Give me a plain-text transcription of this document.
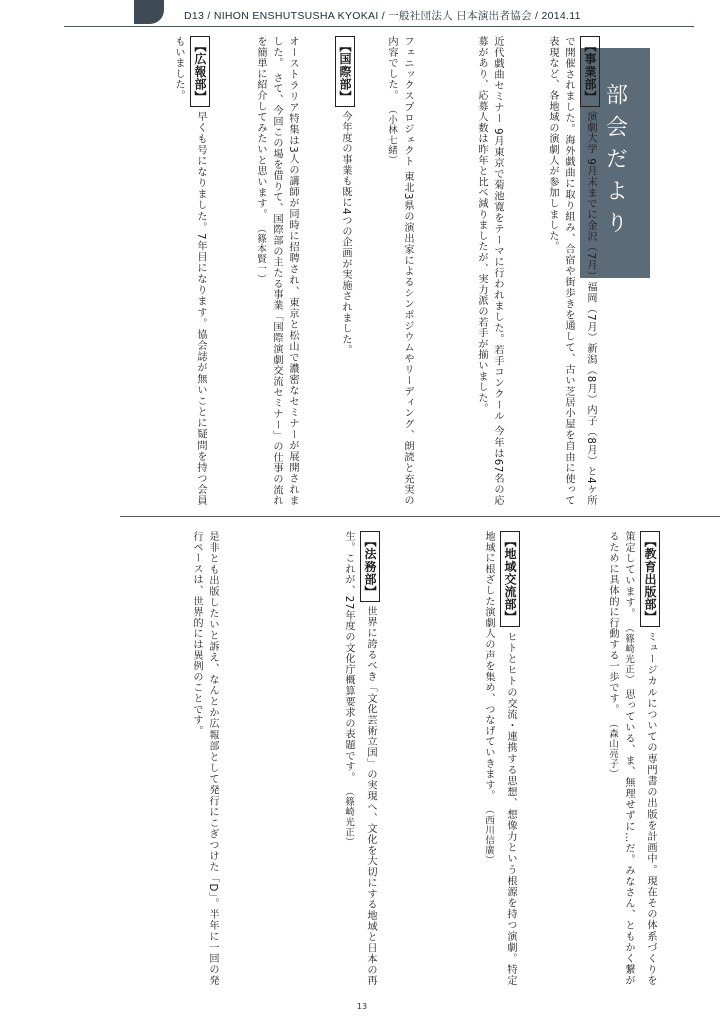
D13 / NIHON ENSHUTSUSHA KYOKAI / 一般社団法人 日本演出者協会 / 2014.11
部会だより
【事業部】 演劇大学 9月末までに金沢（7月）福岡（7月）新潟（8月）内子（8月）と4ケ所で開催されました。海外戯曲に取り組み、合宿や街歩きを通して、古い芝居小屋を自由に使って表現など、各地域の演劇人が参加しました。
近代戯曲セミナー 9月東京で菊池寛をテーマに行われました。若手コンクール 今年は67名の応募があり、応募人数は昨年と比べ減りましたが、実力派の若手が揃いました。
フェニックスプロジェクト 東北3県の演出家によるシンポジウムやリーディング、朗読と充実の内容でした。 （小林七緒）
【国際部】 今年度の事業も既に4つの企画が実施されました。
オーストラリア特集は3人の講師が同時に招聘され、東京と松山で濃密なセミナーが展開されました。 さて、今回この場を借りて、国際部の主たる事業「国際演劇交流セミナー」の仕事の流れを簡単に紹介してみたいと思います。 （篠本賢一）
【広報部】 早くも号になりました。7年目になります。協会誌が無いことに疑問を持つ会員もいました。
【教育出版部】 ミュージカルについての専門書の出版を計画中。現在その体系づくりを策定しています。 （篠崎光正） 思っている、ま、無理せずに…だ。みなさん、ともかく繋がるために具体的に行動する一歩です。 （森山亮子）
【地域交流部】 ヒトとヒトの交流・連携する思想、想像力という根源を持つ演劇。特定地域に根ざした演劇人の声を集め、つなげていきます。 （西川信廣）
【法務部】 世界に誇るべき「文化芸術立国」の実現へ、文化を大切にする地域と日本の再生。これが、27年度の文化庁概算要求の表題です。 （篠崎光正）
是非とも出版したいと訴え、なんとか広報部として発行にこぎつけた「D」。半年に一回の発行ペースは、世界的には異例のことです。
13
